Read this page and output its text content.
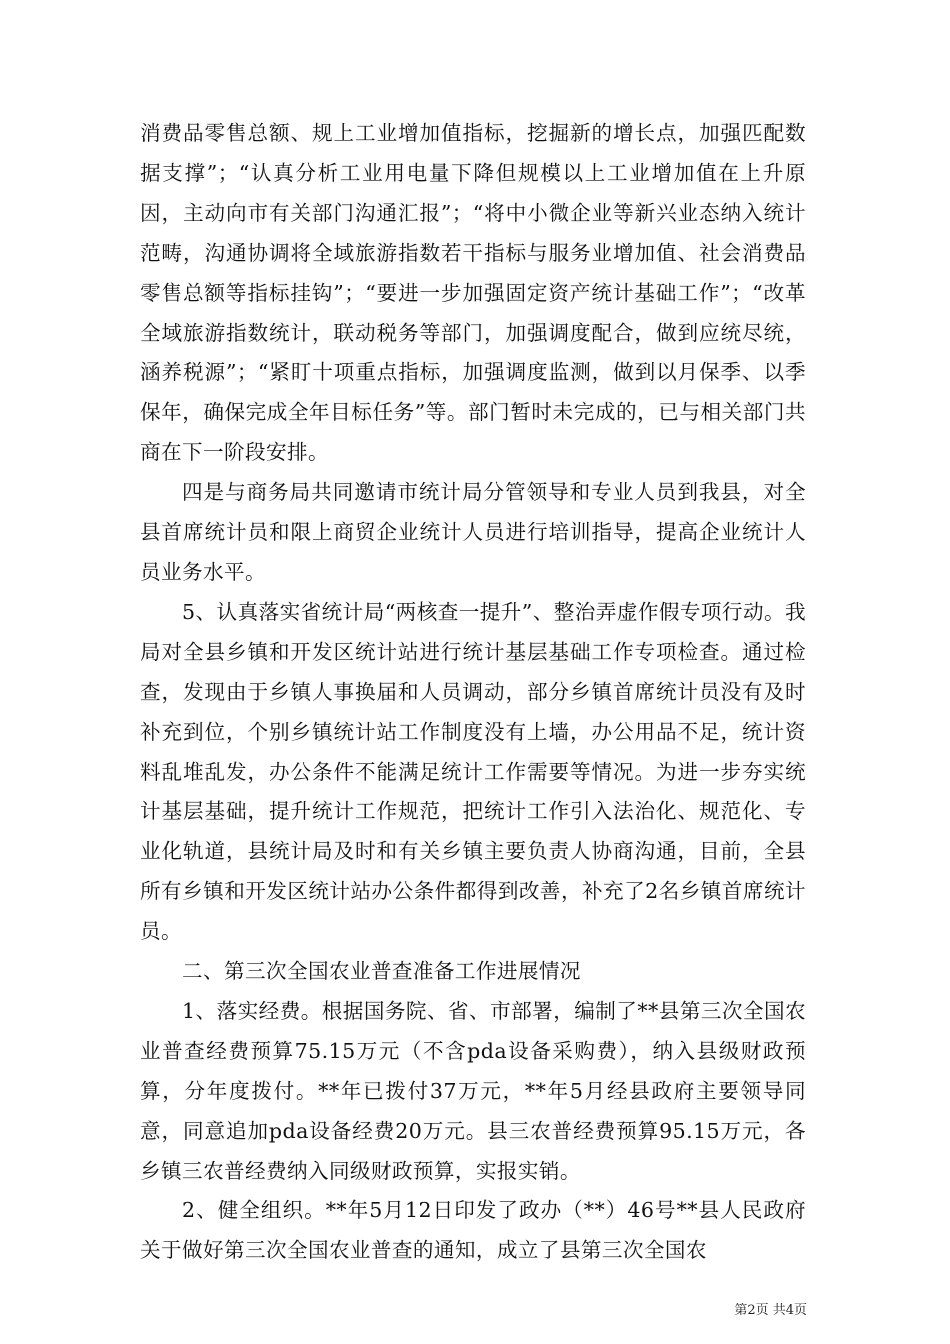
消费品零售总额、规上工业增加值指标，挖掘新的增长点，加强匹配数据支撑”；“认真分析工业用电量下降但规模以上工业增加值在上升原因，主动向市有关部门沟通汇报”；“将中小微企业等新兴业态纳入统计范畴，沟通协调将全域旅游指数若干指标与服务业增加值、社会消费品零售总额等指标挂钩”；“要进一步加强固定资产统计基础工作”；“改革全域旅游指数统计，联动税务等部门，加强调度配合，做到应统尽统，涵养税源”；“紧盯十项重点指标，加强调度监测，做到以月保季、以季保年，确保完成全年目标任务”等。部门暂时未完成的，已与相关部门共商在下一阶段安排。

四是与商务局共同邀请市统计局分管领导和专业人员到我县，对全县首席统计员和限上商贸企业统计人员进行培训指导，提高企业统计人员业务水平。

5、认真落实省统计局“两核查一提升”、整治弄虚作假专项行动。我局对全县乡镇和开发区统计站进行统计基层基础工作专项检查。通过检查，发现由于乡镇人事换届和人员调动，部分乡镇首席统计员没有及时补充到位，个别乡镇统计站工作制度没有上墙，办公用品不足，统计资料乱堆乱发，办公条件不能满足统计工作需要等情况。为进一步夯实统计基层基础，提升统计工作规范，把统计工作引入法治化、规范化、专业化轨道，县统计局及时和有关乡镇主要负责人协商沟通，目前，全县所有乡镇和开发区统计站办公条件都得到改善，补充了2名乡镇首席统计员。

二、第三次全国农业普查准备工作进展情况

1、落实经费。根据国务院、省、市部署，编制了**县第三次全国农业普查经费预算75.15万元（不含pda设备采购费），纳入县级财政预算，分年度拨付。**年已拨付37万元，**年5月经县政府主要领导同意，同意追加pda设备经费20万元。县三农普经费预算95.15万元，各乡镇三农普经费纳入同级财政预算，实报实销。

2、健全组织。**年5月12日印发了政办（**）46号**县人民政府关于做好第三次全国农业普查的通知，成立了县第三次全国农

第2页 共4页
